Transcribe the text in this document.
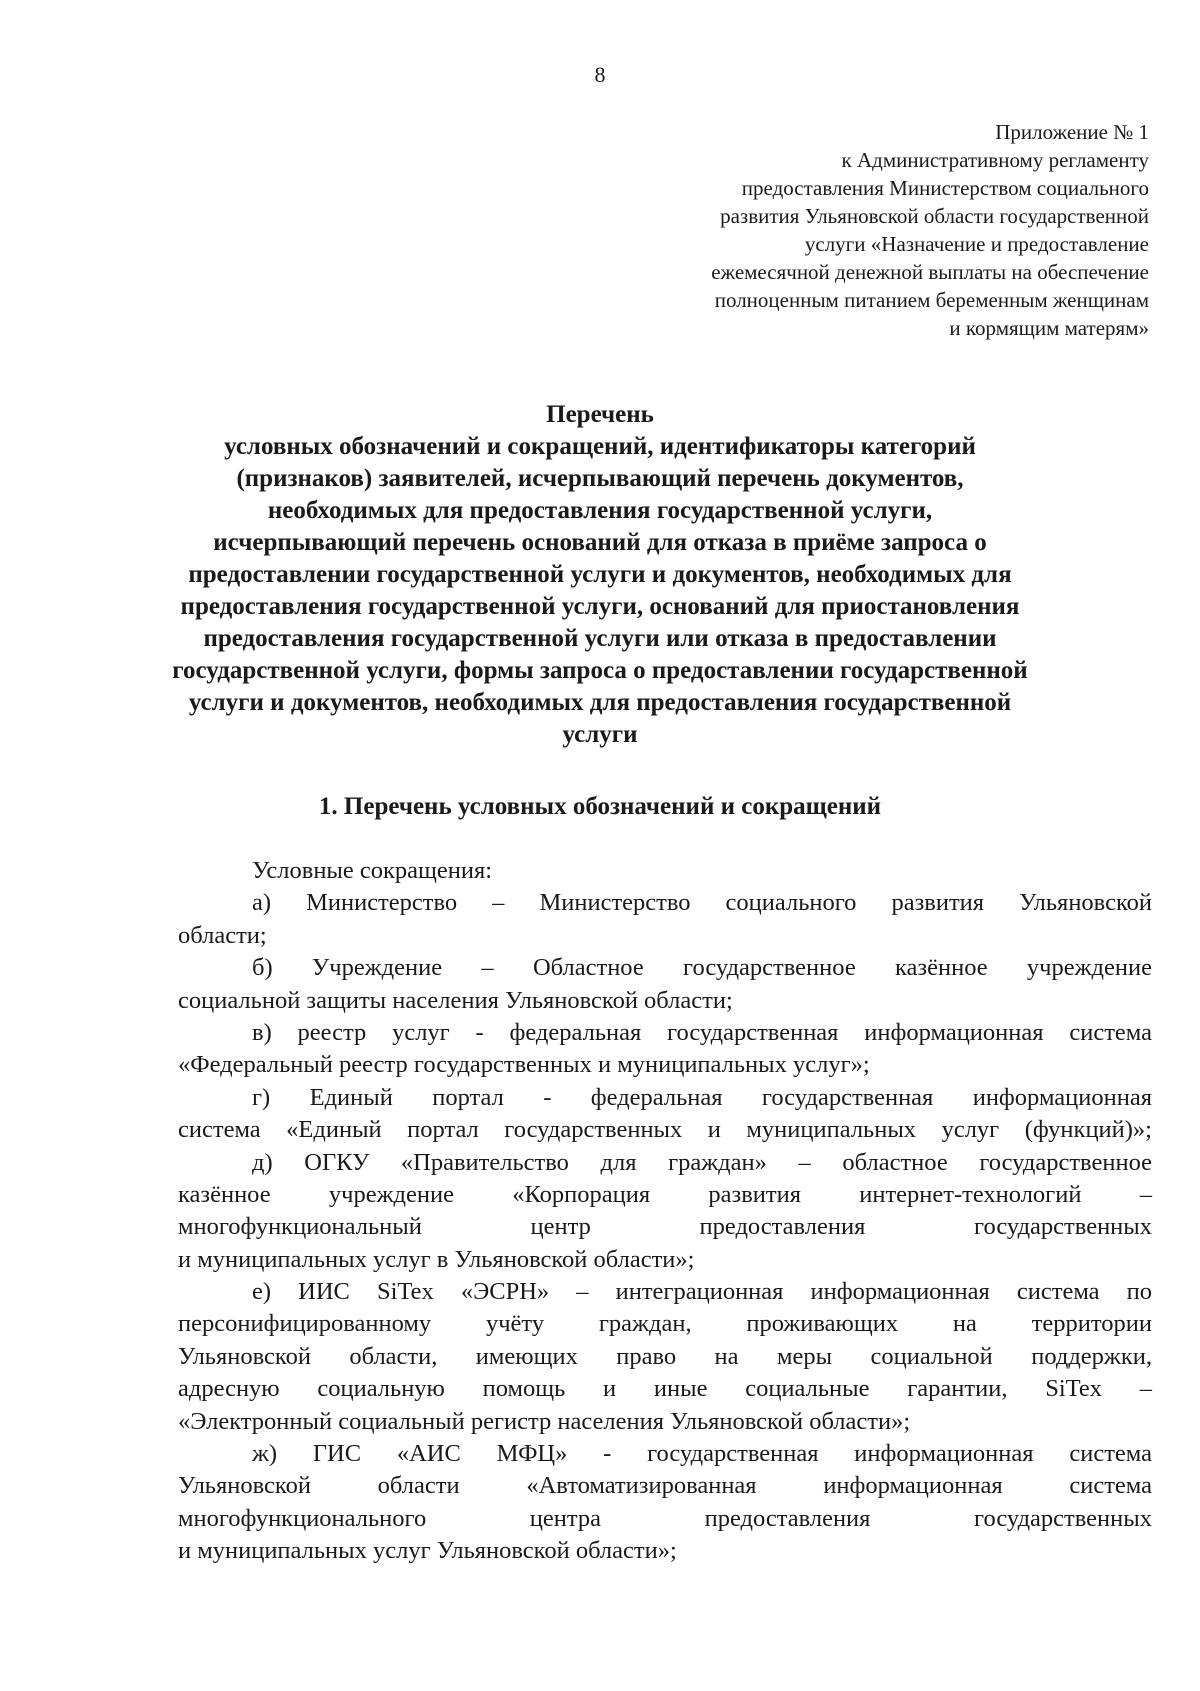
8
Приложение № 1
к Административному регламенту
предоставления Министерством социального
развития Ульяновской области государственной
услуги «Назначение и предоставление
ежемесячной денежной выплаты на обеспечение
полноценным питанием беременным женщинам
и кормящим матерям»
Перечень
условных обозначений и сокращений, идентификаторы категорий
(признаков) заявителей, исчерпывающий перечень документов,
необходимых для предоставления государственной услуги,
исчерпывающий перечень оснований для отказа в приёме запроса о
предоставлении государственной услуги и документов, необходимых для
предоставления государственной услуги, оснований для приостановления
предоставления государственной услуги или отказа в предоставлении
государственной услуги, формы запроса о предоставлении государственной
услуги и документов, необходимых для предоставления государственной
услуги
1. Перечень условных обозначений и сокращений
Условные сокращения:
а) Министерство – Министерство социального развития Ульяновской
области;
б) Учреждение – Областное государственное казённое учреждение
социальной защиты населения Ульяновской области;
в) реестр услуг - федеральная государственная информационная система
«Федеральный реестр государственных и муниципальных услуг»;
г) Единый портал - федеральная государственная информационная
система «Единый портал государственных и муниципальных услуг (функций)»;
д) ОГКУ «Правительство для граждан» – областное государственное
казённое учреждение «Корпорация развития интернет-технологий –
многофункциональный центр предоставления государственных
и муниципальных услуг в Ульяновской области»;
е) ИИС SiTex «ЭСРН» – интеграционная информационная система по
персонифицированному учёту граждан, проживающих на территории
Ульяновской области, имеющих право на меры социальной поддержки,
адресную социальную помощь и иные социальные гарантии, SiTex –
«Электронный социальный регистр населения Ульяновской области»;
ж) ГИС «АИС МФЦ» - государственная информационная система
Ульяновской области «Автоматизированная информационная система
многофункционального центра предоставления государственных
и муниципальных услуг Ульяновской области»;
